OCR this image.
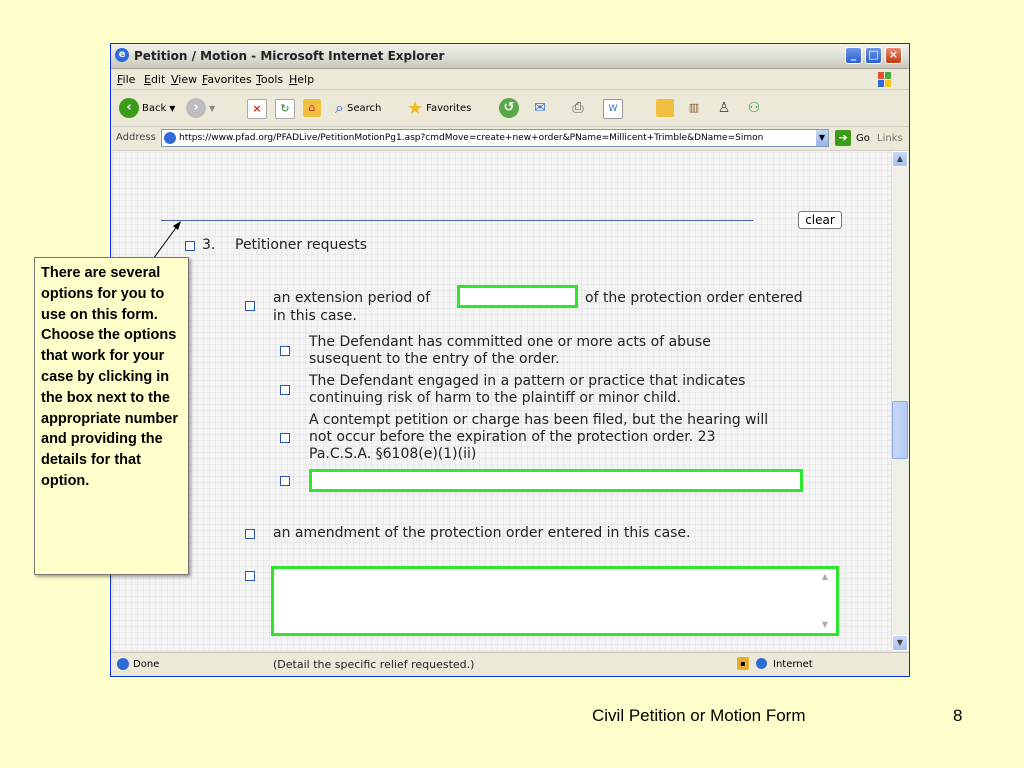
e Petition / Motion - Microsoft Internet Explorer	_	□ ×
File Edit View Favorites Tools Help
‹	Back ▼	›	▼	×	↻	⌂	⌕ Search ★ Favorites	↺	✉ ⎙	W	▥ ♙ ⚇
Address	https://www.pfad.org/PFADLive/PetitionMotionPg1.asp?cmdMove=create+new+order&PName=Millicent+Trimble&DName=Simon	▼	➔ Go Links
clear
3. Petitioner requests
an extension period of	of the protection order entered
in this case.
The Defendant has committed one or more acts of abuse
susequent to the entry of the order.
The Defendant engaged in a pattern or practice that indicates
continuing risk of harm to the plaintiff or minor child.
A contempt petition or charge has been filed, but the hearing will
not occur before the expiration of the protection order. 23
Pa.C.S.A. §6108(e)(1)(ii)
an amendment of the protection order entered in this case.
▲
▼
(Detail the specific relief requested.)
▲
▼
Done	▪	Internet
There are several options for you to use on this form. Choose the options that work for your case by clicking in the box next to the appropriate number and providing the details for that option.
Civil Petition or Motion Form	8
